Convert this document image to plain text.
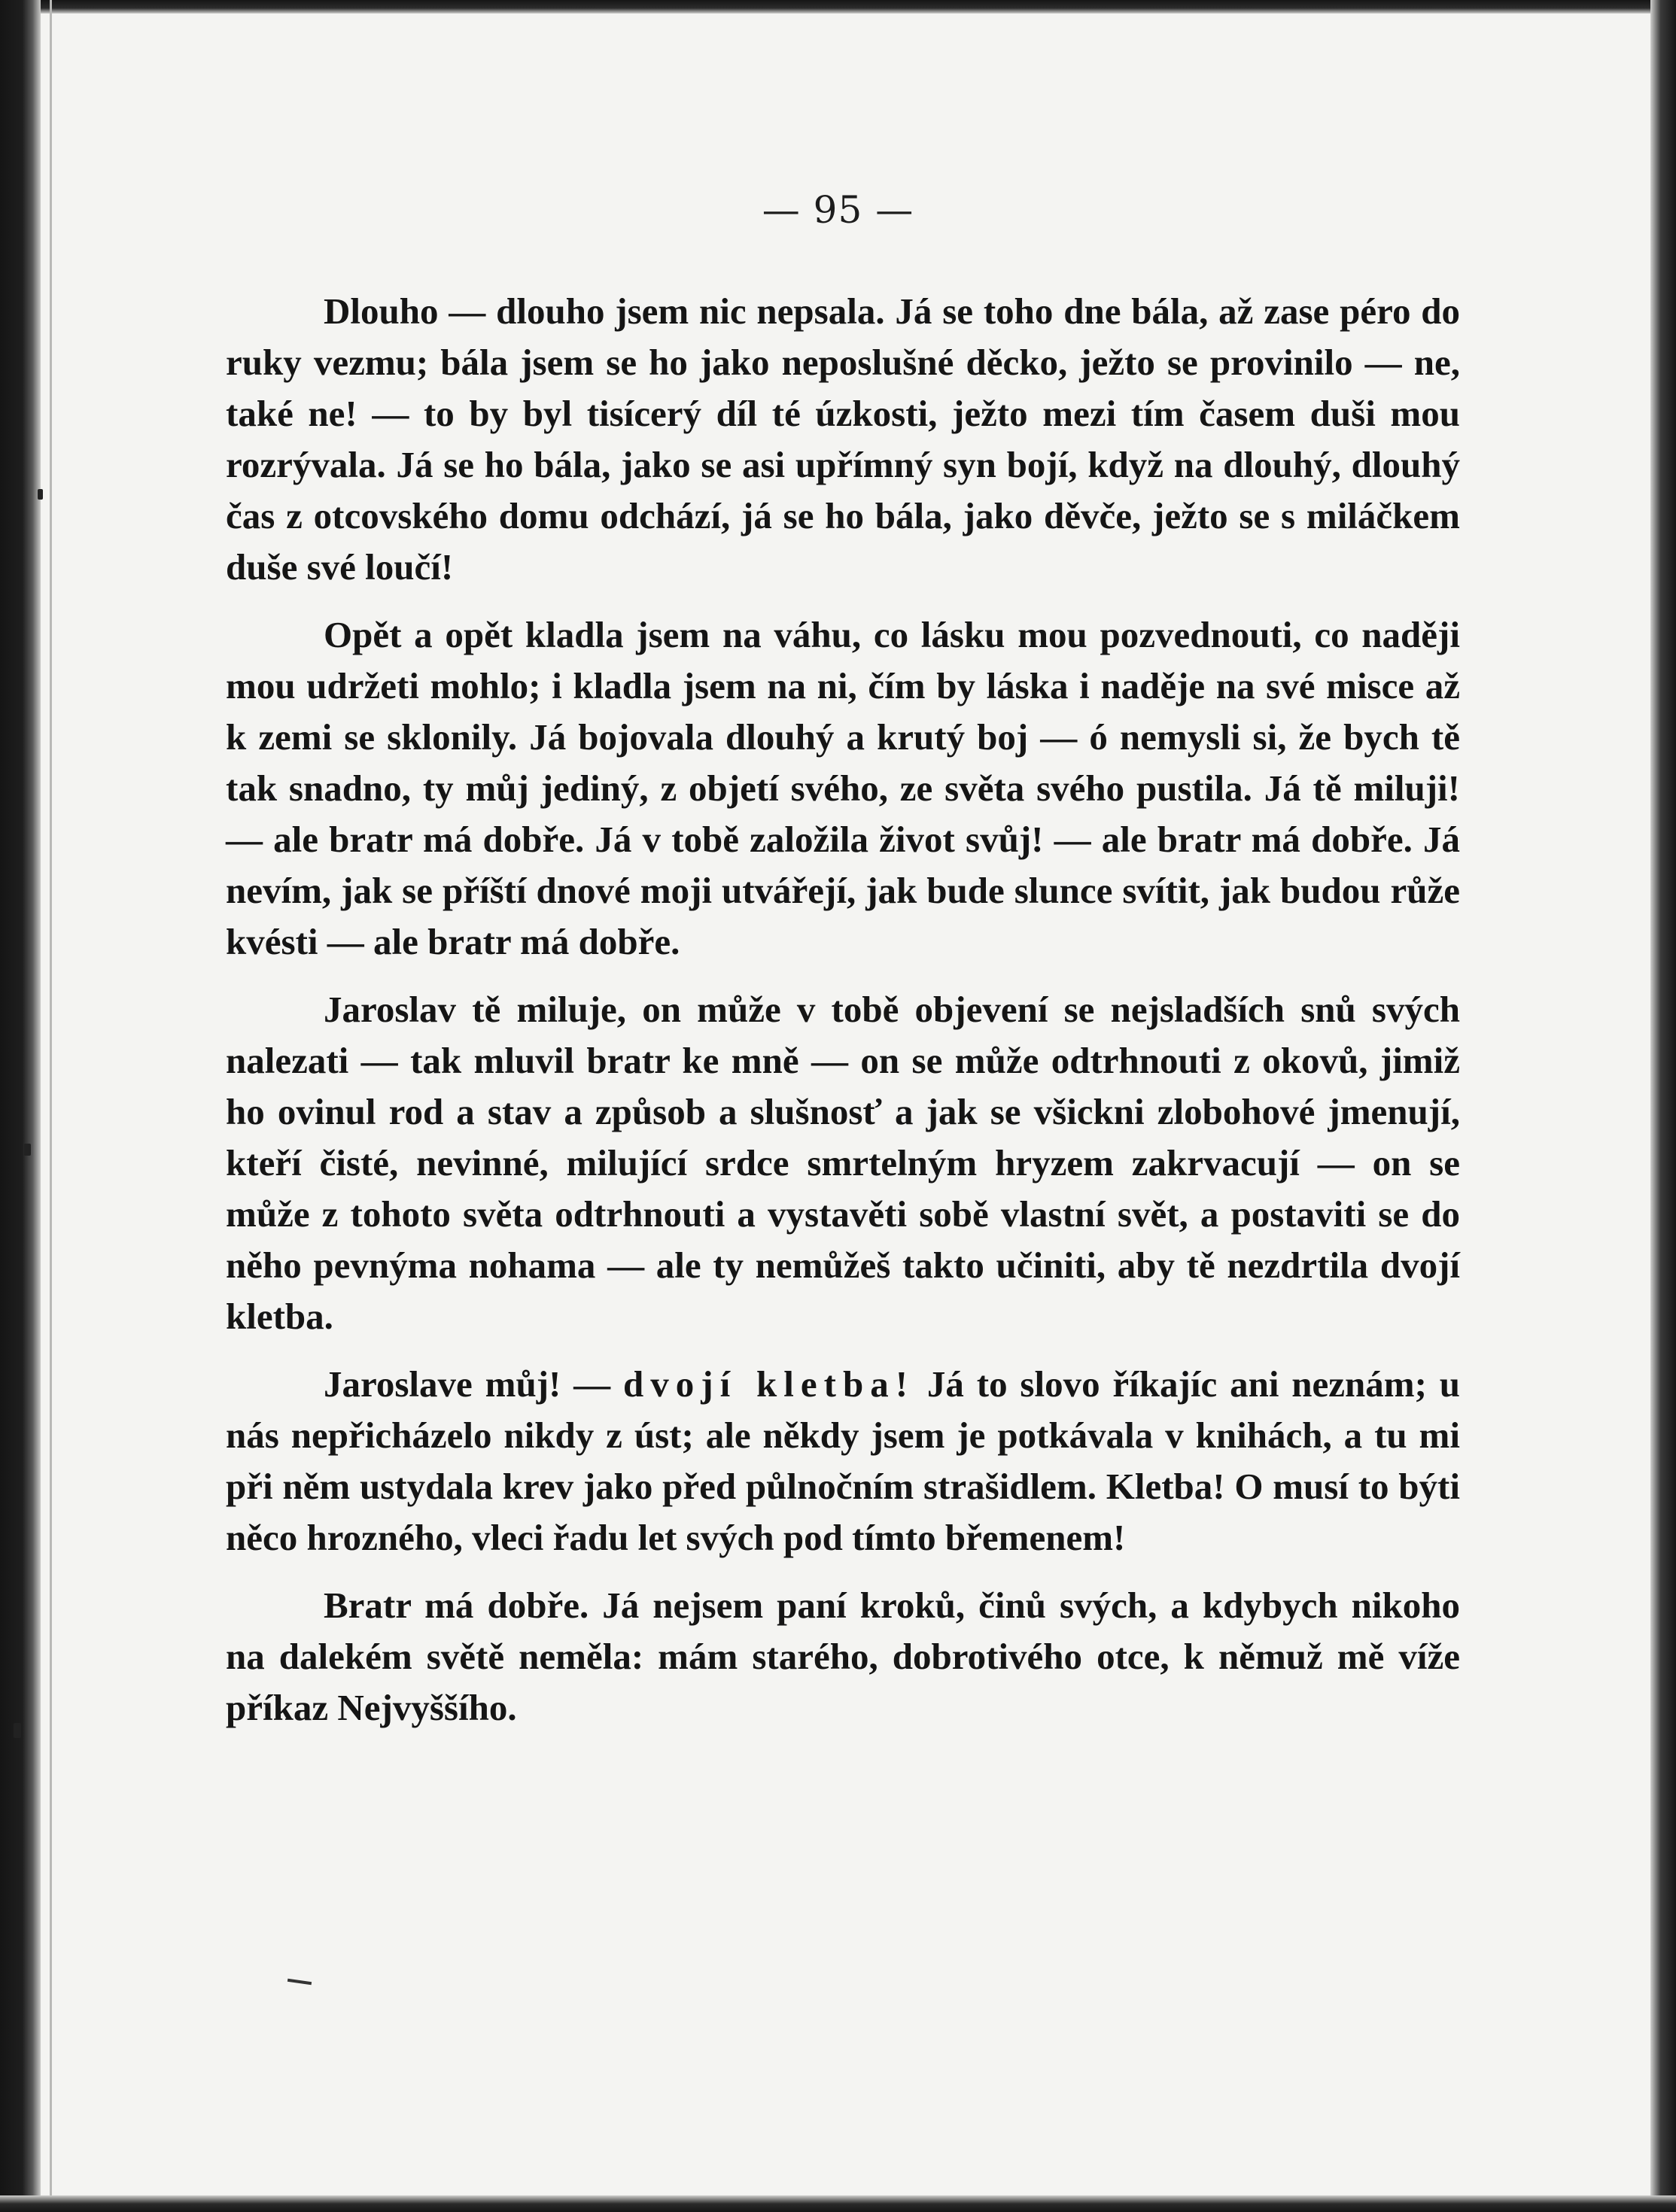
— 95 —

Dlouho — dlouho jsem nic nepsala. Já se toho dne bála, až zase péro do ruky vezmu; bála jsem se ho jako neposlušné děcko, ježto se provinilo — ne, také ne! — to by byl tisícerý díl té úzkosti, ježto mezi tím časem duši mou rozrývala. Já se ho bála, jako se asi upřímný syn bojí, když na dlouhý, dlouhý čas z otcovského domu odchází, já se ho bála, jako děvče, ježto se s miláčkem duše své loučí!

Opět a opět kladla jsem na váhu, co lásku mou pozvednouti, co naději mou udržeti mohlo; i kladla jsem na ni, čím by láska i naděje na své misce až k zemi se sklonily. Já bojovala dlouhý a krutý boj — ó nemysli si, že bych tě tak snadno, ty můj jediný, z objetí svého, ze světa svého pustila. Já tě miluji! — ale bratr má dobře. Já v tobě založila život svůj! — ale bratr má dobře. Já nevím, jak se příští dnové moji utvářejí, jak bude slunce svítit, jak budou růže kvésti — ale bratr má dobře.

Jaroslav tě miluje, on může v tobě objevení se nejsladších snů svých nalezati — tak mluvil bratr ke mně — on se může odtrhnouti z okovů, jimiž ho ovinul rod a stav a způsob a slušnosť a jak se všickni zlobohové jmenují, kteří čisté, nevinné, milující srdce smrtelným hryzem zakrvacují — on se může z tohoto světa odtrhnouti a vystavěti sobě vlastní svět, a postaviti se do něho pevnýma nohama — ale ty nemůžeš takto učiniti, aby tě nezdrtila dvojí kletba.

Jaroslave můj! — dvojí kletba! Já to slovo říkajíc ani neznám; u nás nepřicházelo nikdy z úst; ale někdy jsem je potkávala v knihách, a tu mi při něm ustydala krev jako před půlnočním strašidlem. Kletba! O musí to býti něco hrozného, vleci řadu let svých pod tímto břemenem!

Bratr má dobře. Já nejsem paní kroků, činů svých, a kdybych nikoho na dalekém světě neměla: mám starého, dobrotivého otce, k němuž mě víže příkaz Nejvyššího.
